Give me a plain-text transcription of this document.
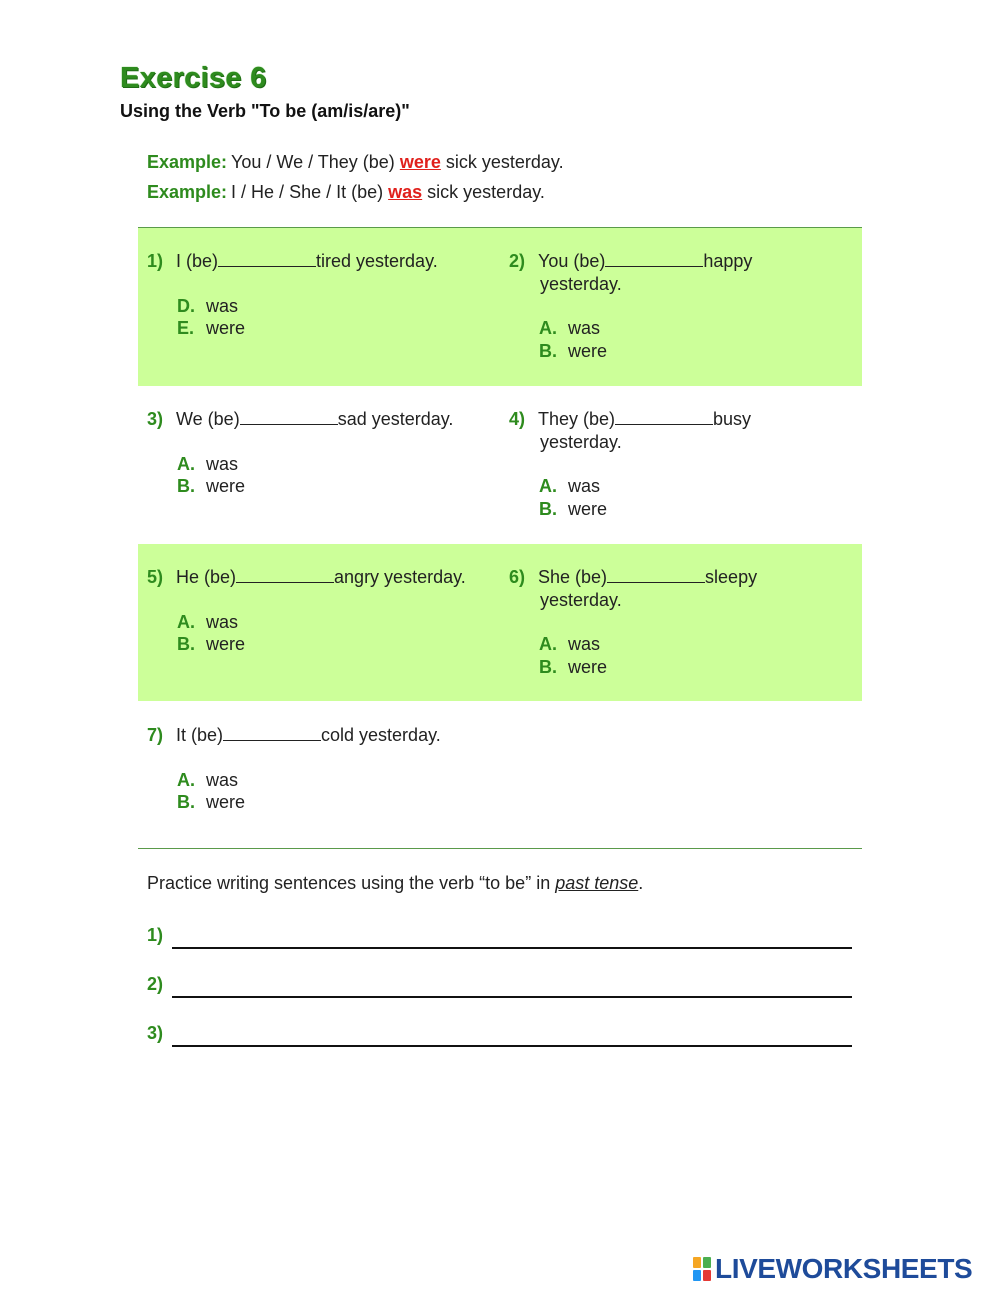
Exercise 6
Using the Verb "To be (am/is/are)"
Example: You / We / They (be) were sick yesterday.
Example: I / He / She / It (be) was sick yesterday.
1) I (be)	tired yesterday.
D. was
E. were
2) You (be)	happy
yesterday.
A. was
B. were
3) We (be)	sad yesterday.
A. was
B. were
4) They (be)	busy
yesterday.
A. was
B. were
5) He (be)	angry yesterday.
A. was
B. were
6) She (be)	sleepy
yesterday.
A. was
B. were
7) It (be)	cold yesterday.
A. was
B. were
Practice writing sentences using the verb “to be” in past tense.
1)
2)
3)
LIVEWORKSHEETS
